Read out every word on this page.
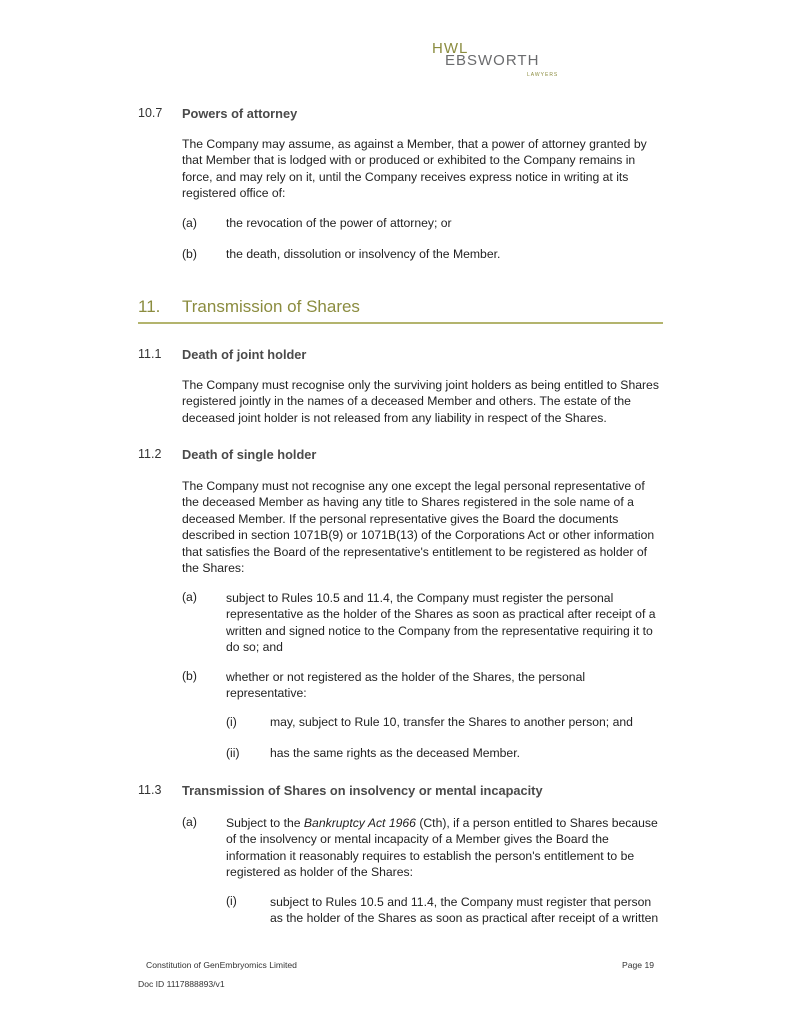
HWL
EBSWORTH
LAWYERS
10.7 Powers of attorney
The Company may assume, as against a Member, that a power of attorney granted by that Member that is lodged with or produced or exhibited to the Company remains in force, and may rely on it, until the Company receives express notice in writing at its registered office of:
(a) the revocation of the power of attorney; or
(b) the death, dissolution or insolvency of the Member.
11. Transmission of Shares
11.1 Death of joint holder
The Company must recognise only the surviving joint holders as being entitled to Shares registered jointly in the names of a deceased Member and others. The estate of the deceased joint holder is not released from any liability in respect of the Shares.
11.2 Death of single holder
The Company must not recognise any one except the legal personal representative of the deceased Member as having any title to Shares registered in the sole name of a deceased Member. If the personal representative gives the Board the documents described in section 1071B(9) or 1071B(13) of the Corporations Act or other information that satisfies the Board of the representative's entitlement to be registered as holder of the Shares:
(a) subject to Rules 10.5 and 11.4, the Company must register the personal representative as the holder of the Shares as soon as practical after receipt of a written and signed notice to the Company from the representative requiring it to do so; and
(b) whether or not registered as the holder of the Shares, the personal representative:
(i)	may, subject to Rule 10, transfer the Shares to another person; and
(ii) has the same rights as the deceased Member.
11.3 Transmission of Shares on insolvency or mental incapacity
(a) Subject to the Bankruptcy Act 1966 (Cth), if a person entitled to Shares because of the insolvency or mental incapacity of a Member gives the Board the information it reasonably requires to establish the person's entitlement to be registered as holder of the Shares:
(i)	subject to Rules 10.5 and 11.4, the Company must register that person as the holder of the Shares as soon as practical after receipt of a written
Constitution of GenEmbryomics Limited	Page 19
Doc ID 1117888893/v1
